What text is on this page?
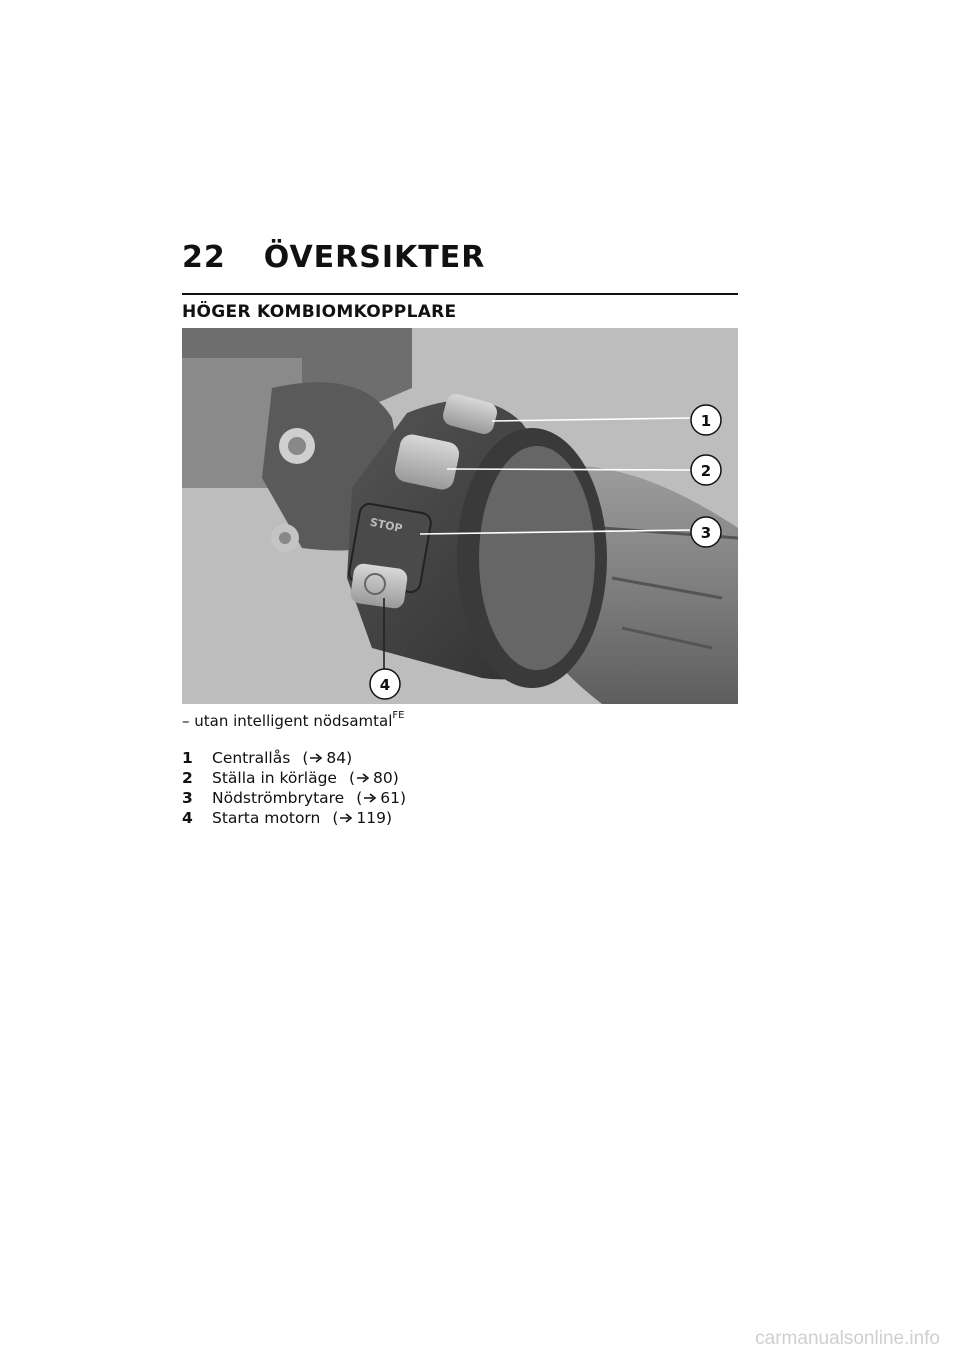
22 ÖVERSIKTER
HÖGER KOMBIOMKOPPLARE
STOP
1
2
3
4
– utan intelligent nödsamtal$^{FE}$
1	Centrallås ( 84 )
2	Ställa in körläge ( 80 )
3	Nödströmbrytare ( 61 )
4	Starta motorn ( 119 )
carmanualsonline.info
